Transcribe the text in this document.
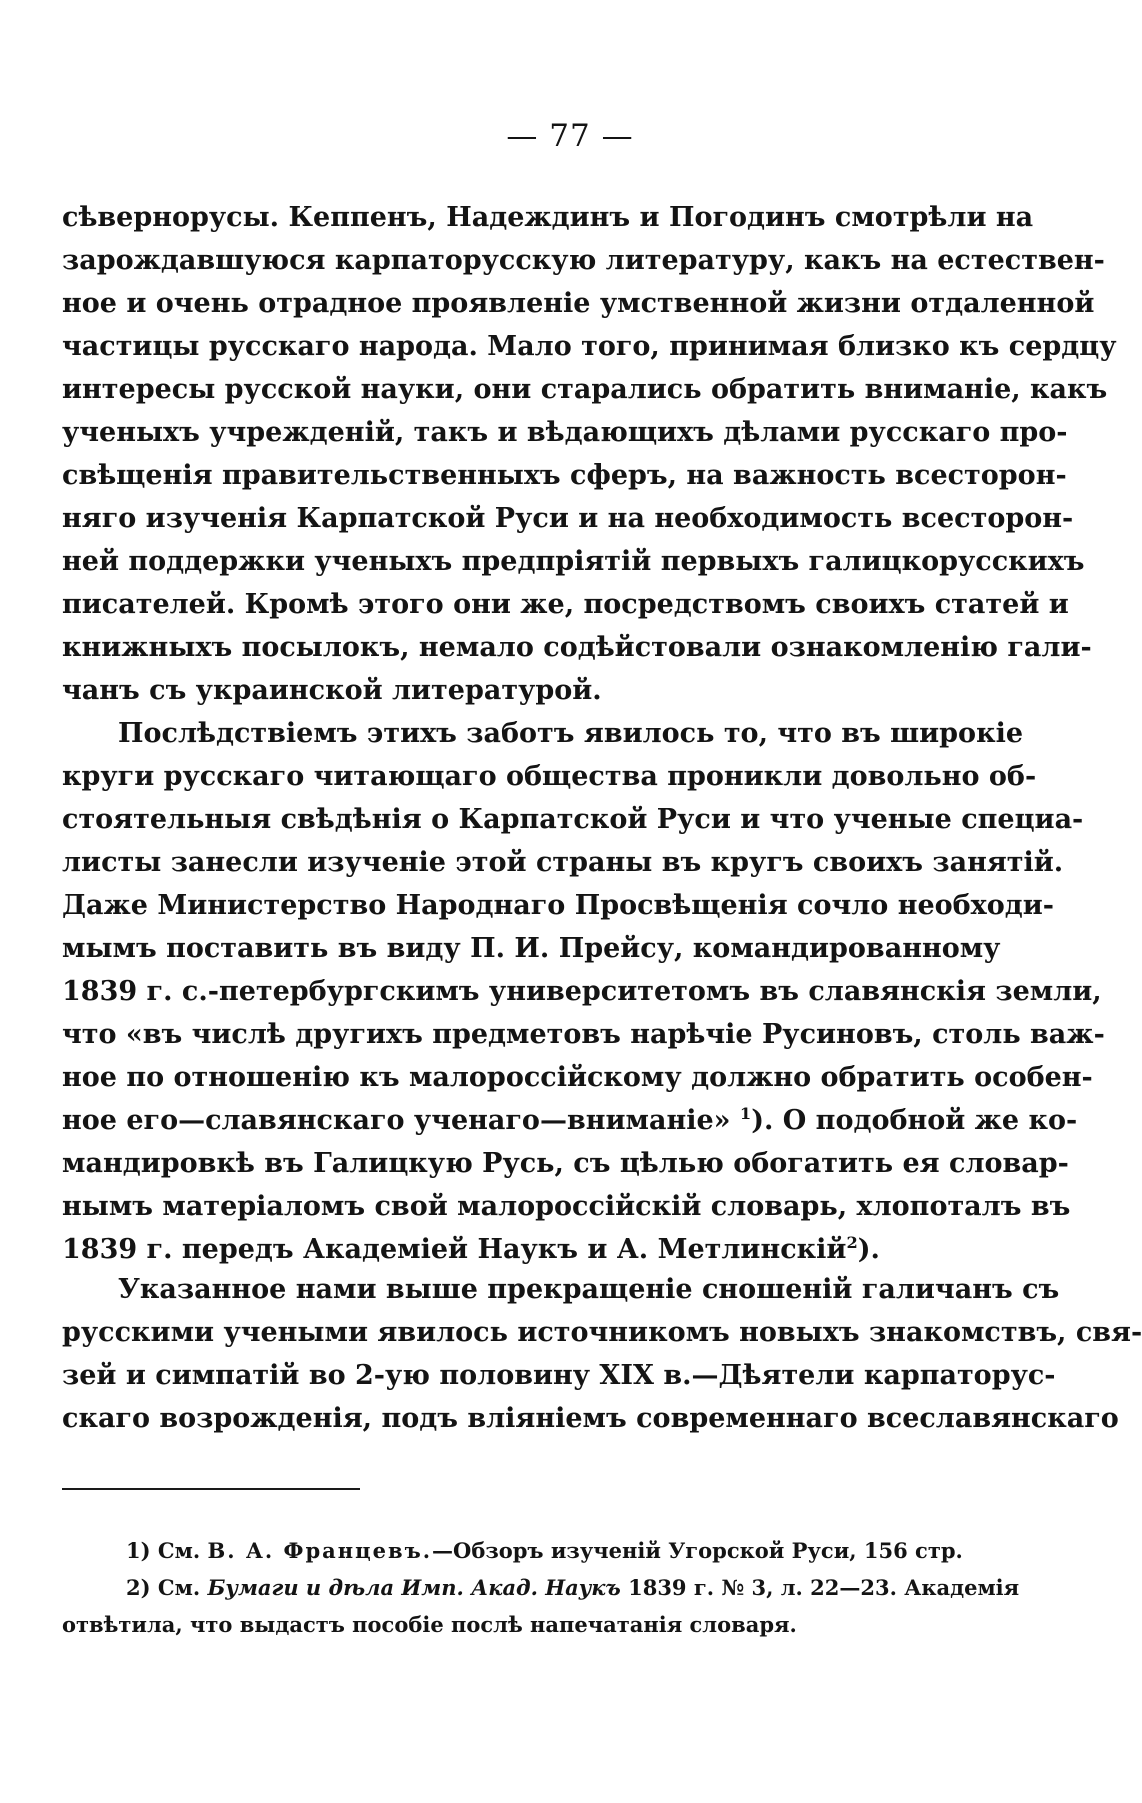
— 77 —
сѣвернорусы. Кеппенъ, Надеждинъ и Погодинъ смотрѣли на
зарождавшуюся карпаторусскую литературу, какъ на естествен-
ное и очень отрадное проявленіе умственной жизни отдаленной
частицы русскаго народа. Мало того, принимая близко къ сердцу
интересы русской науки, они старались обратить вниманіе, какъ
ученыхъ учрежденій, такъ и вѣдающихъ дѣлами русскаго про-
свѣщенія правительственныхъ сферъ, на важность всесторон-
няго изученія Карпатской Руси и на необходимость всесторон-
ней поддержки ученыхъ предпріятій первыхъ галицкорусскихъ
писателей. Кромѣ этого они же, посредствомъ своихъ статей и
книжныхъ посылокъ, немало содѣйстовали ознакомленію гали-
чанъ съ украинской литературой.
Послѣдствіемъ этихъ заботъ явилось то, что въ широкіе
круги русскаго читающаго общества проникли довольно об-
стоятельныя свѣдѣнія о Карпатской Руси и что ученые специа-
листы занесли изученіе этой страны въ кругъ своихъ занятій.
Даже Министерство Народнаго Просвѣщенія сочло необходи-
мымъ поставить въ виду П. И. Прейсу, командированному
1839 г. с.-петербургскимъ университетомъ въ славянскія земли,
что «въ числѣ другихъ предметовъ нарѣчіе Русиновъ, столь важ-
ное по отношенію къ малороссійскому должно обратить особен-
ное его—славянскаго ученаго—вниманіе» $^1$). О подобной же ко-
мандировкѣ въ Галицкую Русь, съ цѣлью обогатить ея словар-
нымъ матеріаломъ свой малороссійскій словарь, хлопоталъ въ
1839 г. передъ Академіей Наукъ и А. Метлинскій$^2$).
Указанное нами выше прекращеніе сношеній галичанъ съ
русскими учеными явилось источникомъ новыхъ знакомствъ, свя-
зей и симпатій во 2-ую половину XIX в.—Дѣятели карпаторус-
скаго возрожденія, подъ вліяніемъ современнаго всеславянскаго
1) См. В. А. Францевъ.—Обзоръ изученій Угорской Руси, 156 стр.
2) См. Бумаги и дѣла Имп. Акад. Наукъ 1839 г. № 3, л. 22—23. Академія
отвѣтила, что выдастъ пособіе послѣ напечатанія словаря.
